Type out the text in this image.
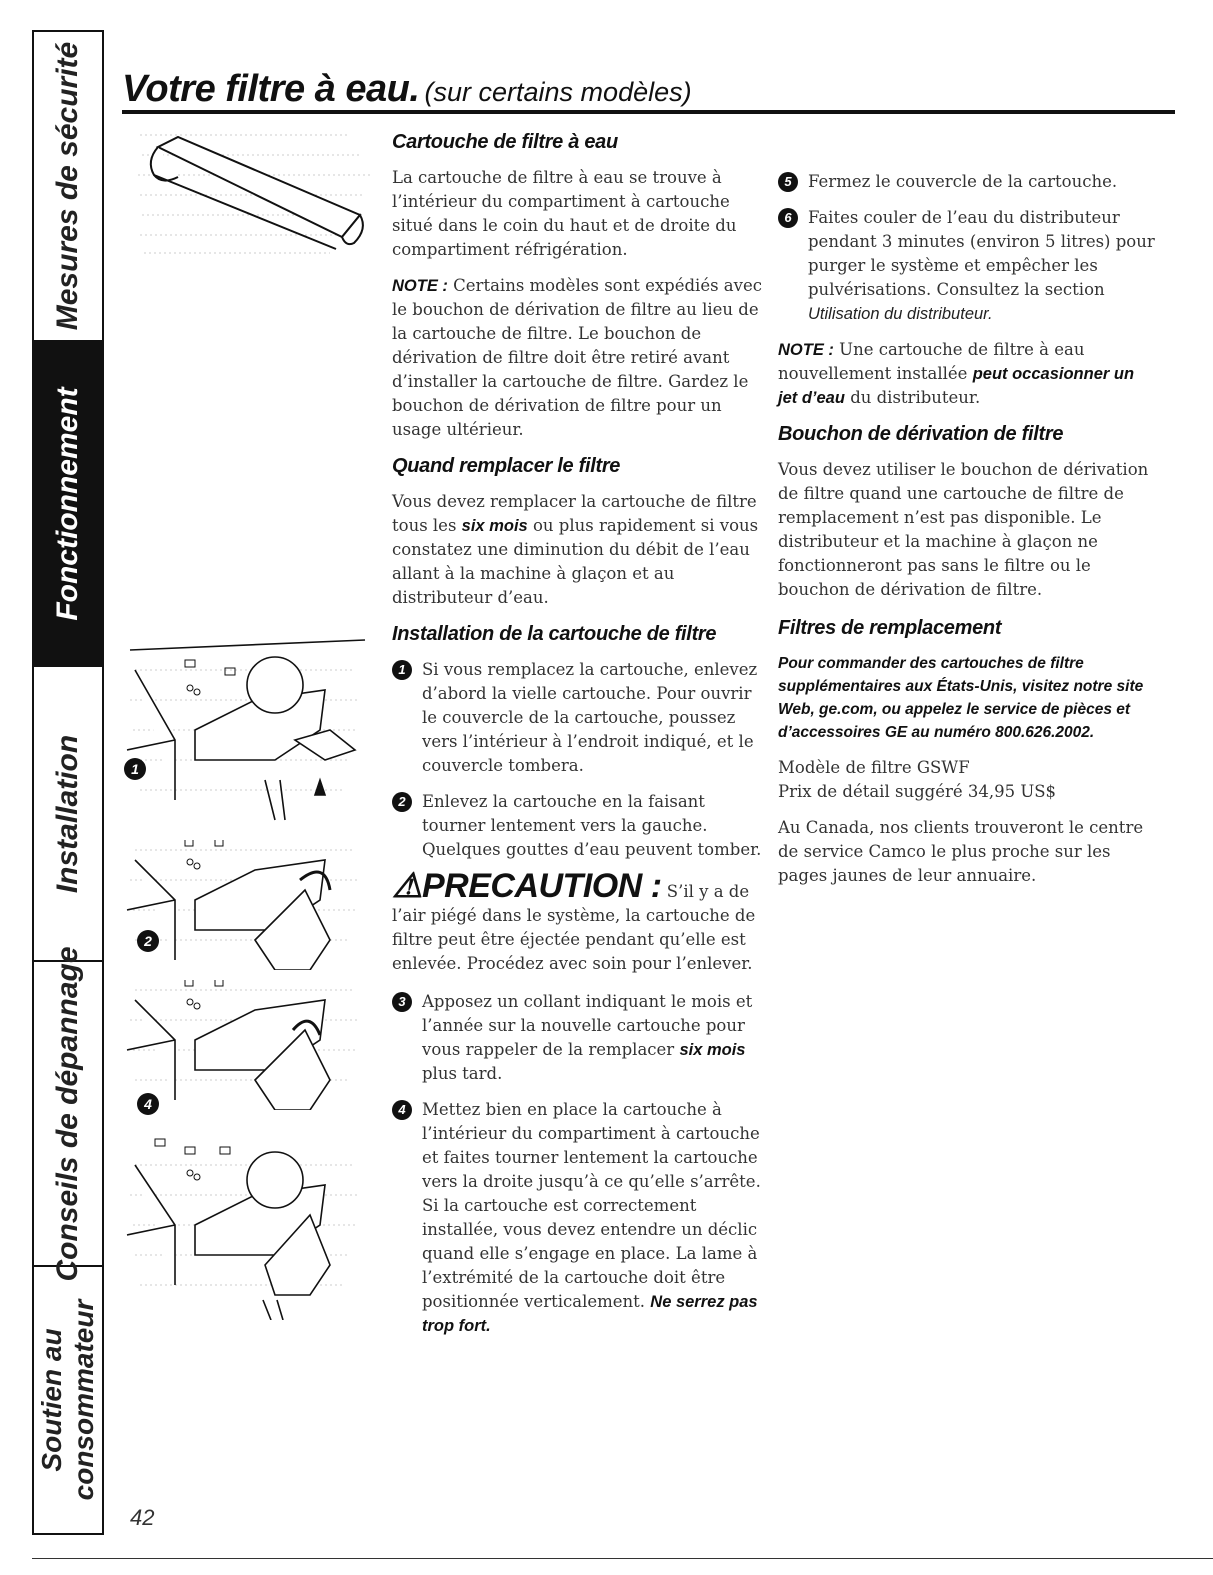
Mesures de sécurité
Fonctionnement
Installation
Conseils de dépannage
Soutien au consommateur
Votre filtre à eau. (sur certains modèles)
1
2
4
Cartouche de filtre à eau

La cartouche de filtre à eau se trouve à l’intérieur du compartiment à cartouche situé dans le coin du haut et de droite du compartiment réfrigération.

NOTE : Certains modèles sont expédiés avec le bouchon de dérivation de filtre au lieu de la cartouche de filtre. Le bouchon de dérivation de filtre doit être retiré avant d’installer la cartouche de filtre. Gardez le bouchon de dérivation de filtre pour un usage ultérieur.

Quand remplacer le filtre

Vous devez remplacer la cartouche de filtre tous les six mois ou plus rapidement si vous constatez une diminution du débit de l’eau allant à la machine à glaçon et au distributeur d’eau.

Installation de la cartouche de filtre
1 Si vous remplacez la cartouche, enlevez d’abord la vielle cartouche. Pour ouvrir le couvercle de la cartouche, poussez vers l’intérieur à l’endroit indiqué, et le couvercle tombera.
2 Enlevez la cartouche en la faisant tourner lentement vers la gauche. Quelques gouttes d’eau peuvent tomber.

⚠PRECAUTION : S’il y a de l’air piégé dans le système, la cartouche de filtre peut être éjectée pendant qu’elle est enlevée. Procédez avec soin pour l’enlever.

3 Apposez un collant indiquant le mois et l’année sur la nouvelle cartouche pour vous rappeler de la remplacer six mois plus tard.
4 Mettez bien en place la cartouche à l’intérieur du compartiment à cartouche et faites tourner lentement la cartouche vers la droite jusqu’à ce qu’elle s’arrête. Si la cartouche est correctement installée, vous devez entendre un déclic quand elle s’engage en place. La lame à l’extrémité de la cartouche doit être positionnée verticalement. Ne serrez pas trop fort.
5 Fermez le couvercle de la cartouche.
6 Faites couler de l’eau du distributeur pendant 3 minutes (environ 5 litres) pour purger le système et empêcher les pulvérisations. Consultez la section Utilisation du distributeur.

NOTE : Une cartouche de filtre à eau nouvellement installée peut occasionner un jet d’eau du distributeur.

Bouchon de dérivation de filtre

Vous devez utiliser le bouchon de dérivation de filtre quand une cartouche de filtre de remplacement n’est pas disponible. Le distributeur et la machine à glaçon ne fonctionneront pas sans le filtre ou le bouchon de dérivation de filtre.

Filtres de remplacement

Pour commander des cartouches de filtre supplémentaires aux États-Unis, visitez notre site Web, ge.com, ou appelez le service de pièces et d’accessoires GE au numéro 800.626.2002.

Modèle de filtre GSWF

Prix de détail suggéré 34,95 US$

Au Canada, nos clients trouveront le centre de service Camco le plus proche sur les pages jaunes de leur annuaire.

42
